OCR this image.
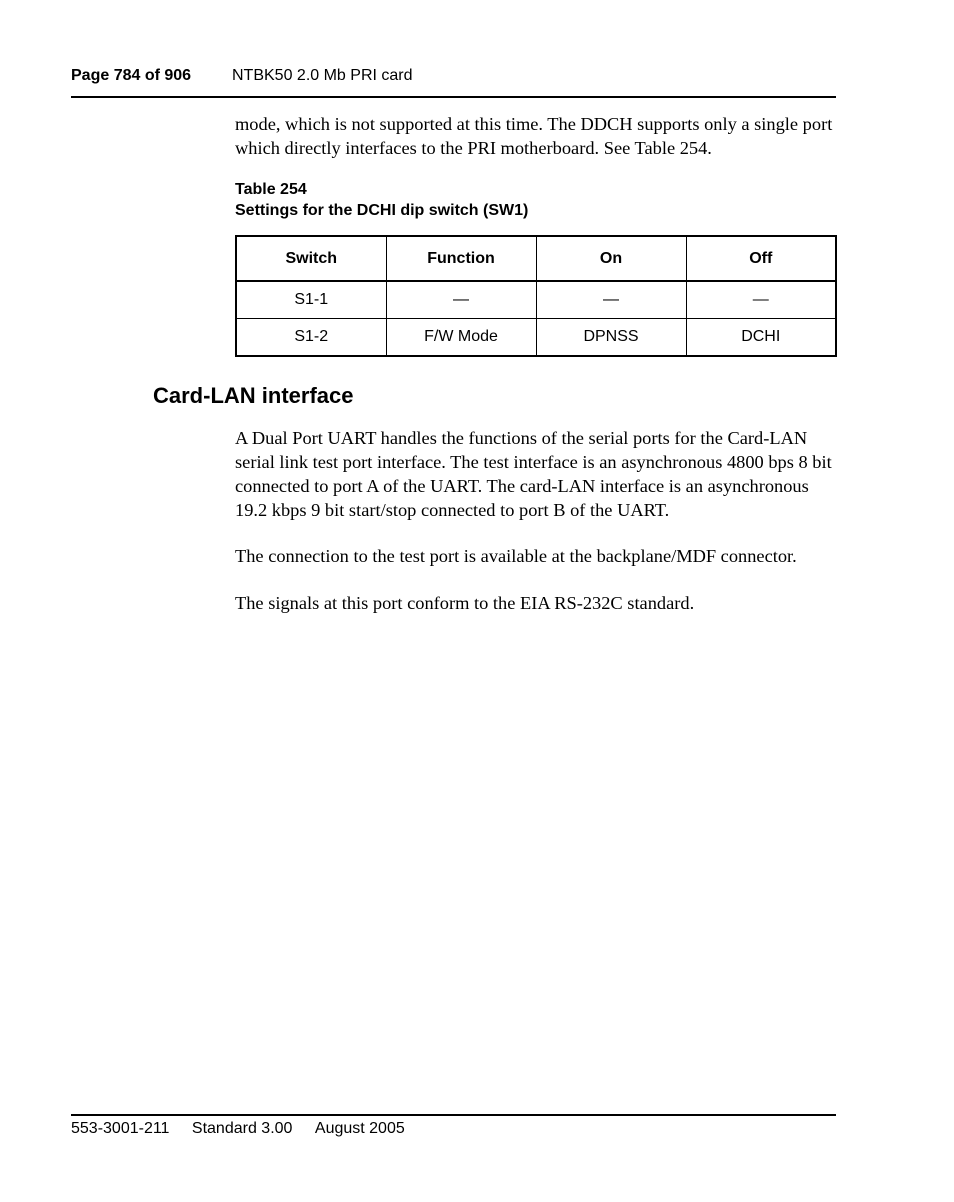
Page 784 of 906	NTBK50 2.0 Mb PRI card

mode, which is not supported at this time. The DDCH supports only a single port which directly interfaces to the PRI motherboard. See Table 254.

Table 254
Settings for the DCHI dip switch (SW1)
Switch	Function	On	Off
S1-1	—	—	—
S1-2	F/W Mode	DPNSS	DCHI
Card-LAN interface

A Dual Port UART handles the functions of the serial ports for the Card-LAN serial link test port interface. The test interface is an asynchronous 4800 bps 8 bit connected to port A of the UART. The card-LAN interface is an asynchronous 19.2 kbps 9 bit start/stop connected to port B of the UART.

The connection to the test port is available at the backplane/MDF connector.

The signals at this port conform to the EIA RS-232C standard.

553-3001-211 Standard 3.00 August 2005
